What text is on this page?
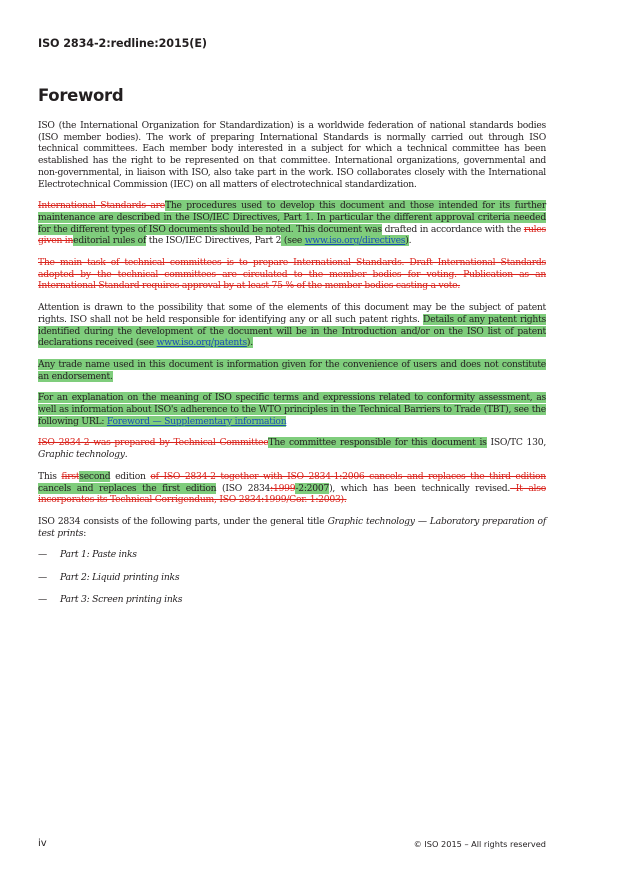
ISO 2834-2:redline:2015(E)
Foreword

ISO (the International Organization for Standardization) is a worldwide federation of national standards bodies (ISO member bodies). The work of preparing International Standards is normally carried out through ISO technical committees. Each member body interested in a subject for which a technical committee has been established has the right to be represented on that committee. International organizations, governmental and non-governmental, in liaison with ISO, also take part in the work. ISO collaborates closely with the International Electrotechnical Commission (IEC) on all matters of electrotechnical standardization.

International Standards areThe procedures used to develop this document and those intended for its further maintenance are described in the ISO/IEC Directives, Part 1. In particular the different approval criteria needed for the different types of ISO documents should be noted. This document was drafted in accordance with the rules given ineditorial rules of the ISO/IEC Directives, Part 2 (see www.iso.org/directives).

The main task of technical committees is to prepare International Standards. Draft International Standards adopted by the technical committees are circulated to the member bodies for voting. Publication as an International Standard requires approval by at least 75 % of the member bodies casting a vote.

Attention is drawn to the possibility that some of the elements of this document may be the subject of patent rights. ISO shall not be held responsible for identifying any or all such patent rights. Details of any patent rights identified during the development of the document will be in the Introduction and/or on the ISO list of patent declarations received (see www.iso.org/patents).

Any trade name used in this document is information given for the convenience of users and does not constitute an endorsement.

For an explanation on the meaning of ISO specific terms and expressions related to conformity assessment, as well as information about ISO's adherence to the WTO principles in the Technical Barriers to Trade (TBT), see the following URL: Foreword — Supplementary information

ISO 2834-2 was prepared by Technical CommitteeThe committee responsible for this document is ISO/TC 130, Graphic technology.

This firstsecond edition of ISO 2834-2 together with ISO 2834-1:2006 cancels and replaces the third edition cancels and replaces the first edition (ISO 2834:1999-2:2007), which has been technically revised. It also incorporates its Technical Corrigendum, ISO 2834:1999/Cor. 1:2003).

ISO 2834 consists of the following parts, under the general title Graphic technology — Laboratory preparation of test prints:

— Part 1: Paste inks
— Part 2: Liquid printing inks
— Part 3: Screen printing inks
iv	© ISO 2015 – All rights reserved
